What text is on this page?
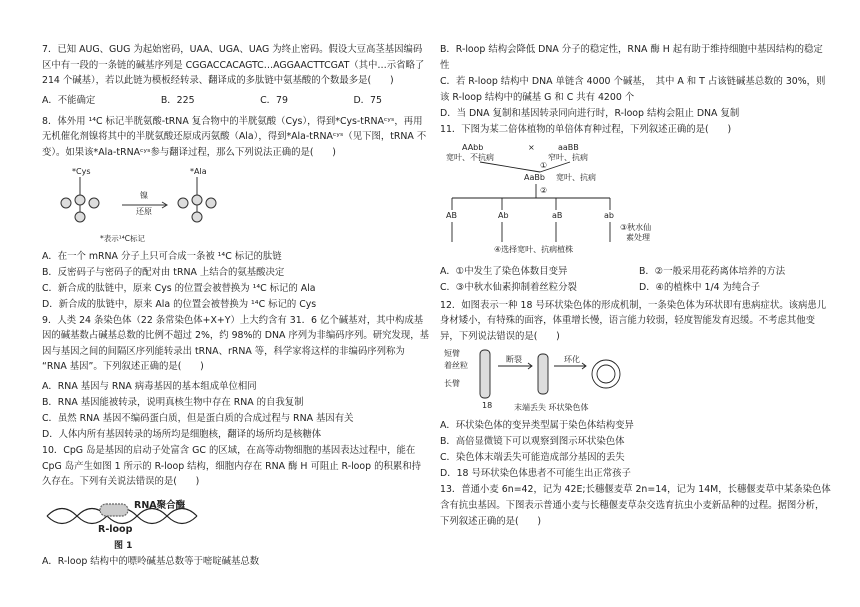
7．已知 AUG、GUG 为起始密码，UAA、UGA、UAG 为终止密码。假设大豆高茎基因编码区中有一段的一条链的碱基序列是 CGGACCACAGTC…AGGAACTTCGAT（其中…示省略了 214 个碱基），若以此链为模板经转录、翻译成的多肽链中氨基酸的个数最多是(　　)

A．不能确定	B．225	C．79	D．75

8．体外用 ¹⁴C 标记半胱氨酸-tRNA 复合物中的半胱氨酸（Cys），得到*Cys-tRNAᶜʸˢ，再用无机催化剂镍将其中的半胱氨酸还原成丙氨酸（Ala），得到*Ala-tRNAᶜʸˢ（见下图，tRNA 不变）。如果该*Ala-tRNAᶜʸˢ参与翻译过程，那么下列说法正确的是(　　)

*Cys	*Ala
镍
还原
*表示¹⁴C标记

A．在一个 mRNA 分子上只可合成一条被 ¹⁴C 标记的肽链

B．反密码子与密码子的配对由 tRNA 上结合的氨基酸决定

C．新合成的肽链中，原来 Cys 的位置会被替换为 ¹⁴C 标记的 Ala

D．新合成的肽链中，原来 Ala 的位置会被替换为 ¹⁴C 标记的 Cys

9．人类 24 条染色体（22 条常染色体+X+Y）上大约含有 31．6 亿个碱基对，其中构成基因的碱基数占碱基总数的比例不超过 2%，约 98%的 DNA 序列为非编码序列。研究发现，基因与基因之间的间隔区序列能转录出 tRNA、rRNA 等，科学家将这样的非编码序列称为 “RNA 基因”。下列叙述正确的是(　　)

A．RNA 基因与 RNA 病毒基因的基本组成单位相同

B．RNA 基因能被转录，说明真核生物中存在 RNA 的自我复制

C．虽然 RNA 基因不编码蛋白质，但是蛋白质的合成过程与 RNA 基因有关

D．人体内所有基因转录的场所均是细胞核，翻译的场所均是核糖体

10．CpG 岛是基因的启动子处富含 GC 的区域，在高等动物细胞的基因表达过程中，能在 CpG 岛产生如图 1 所示的 R-loop 结构，细胞内存在 RNA 酶 H 可阻止 R-loop 的积累和持久存在。下列有关说法错误的是(　　)

RNA聚合酶
R-loop
图 1

A．R-loop 结构中的嘌呤碱基总数等于嘧啶碱基总数

B．R-loop 结构会降低 DNA 分子的稳定性，RNA 酶 H 起有助于维持细胞中基因结构的稳定性

C．若 R-loop 结构中 DNA 单链含 4000 个碱基，　其中 A 和 T 占该链碱基总数的 30%，则该 R-loop 结构中的碱基 G 和 C 共有 4200 个

D．当 DNA 复制和基因转录同向进行时，R-loop 结构会阻止 DNA 复制

11．下图为某二倍体植物的单倍体育种过程，下列叙述正确的是(　　)

AAbb	×	aaBB
宽叶、不抗病	窄叶、抗病
AaBb 宽叶、抗病
①
②
AB	Ab	aB	ab
③秋水仙
素处理
④选择宽叶、抗病植株

A．①中发生了染色体数目变异	B．②一般采用花药离体培养的方法

C．③中秋水仙素抑制着丝粒分裂	D．④的植株中 1/4 为纯合子

12．如图表示一种 18 号环状染色体的形成机制，一条染色体为环状即有患病症状。该病患儿身材矮小，有特殊的面容，体重增长慢，语言能力较弱，轻度智能发育迟缓。不考虑其他变异，下列说法错误的是(　　)

短臂
着丝粒
长臂
18
断裂	环化
末端丢失 环状染色体

A．环状染色体的变异类型属于染色体结构变异

B．高倍显微镜下可以观察到图示环状染色体

C．染色体末端丢失可能造成部分基因的丢失

D．18 号环状染色体患者不可能生出正常孩子

13．普通小麦 6n=42，记为 42E;长穗偃麦草 2n=14，记为 14M，长穗偃麦草中某条染色体含有抗虫基因。下图表示普通小麦与长穗偃麦草杂交选育抗虫小麦新品种的过程。据图分析，下列叙述正确的是(　　)
